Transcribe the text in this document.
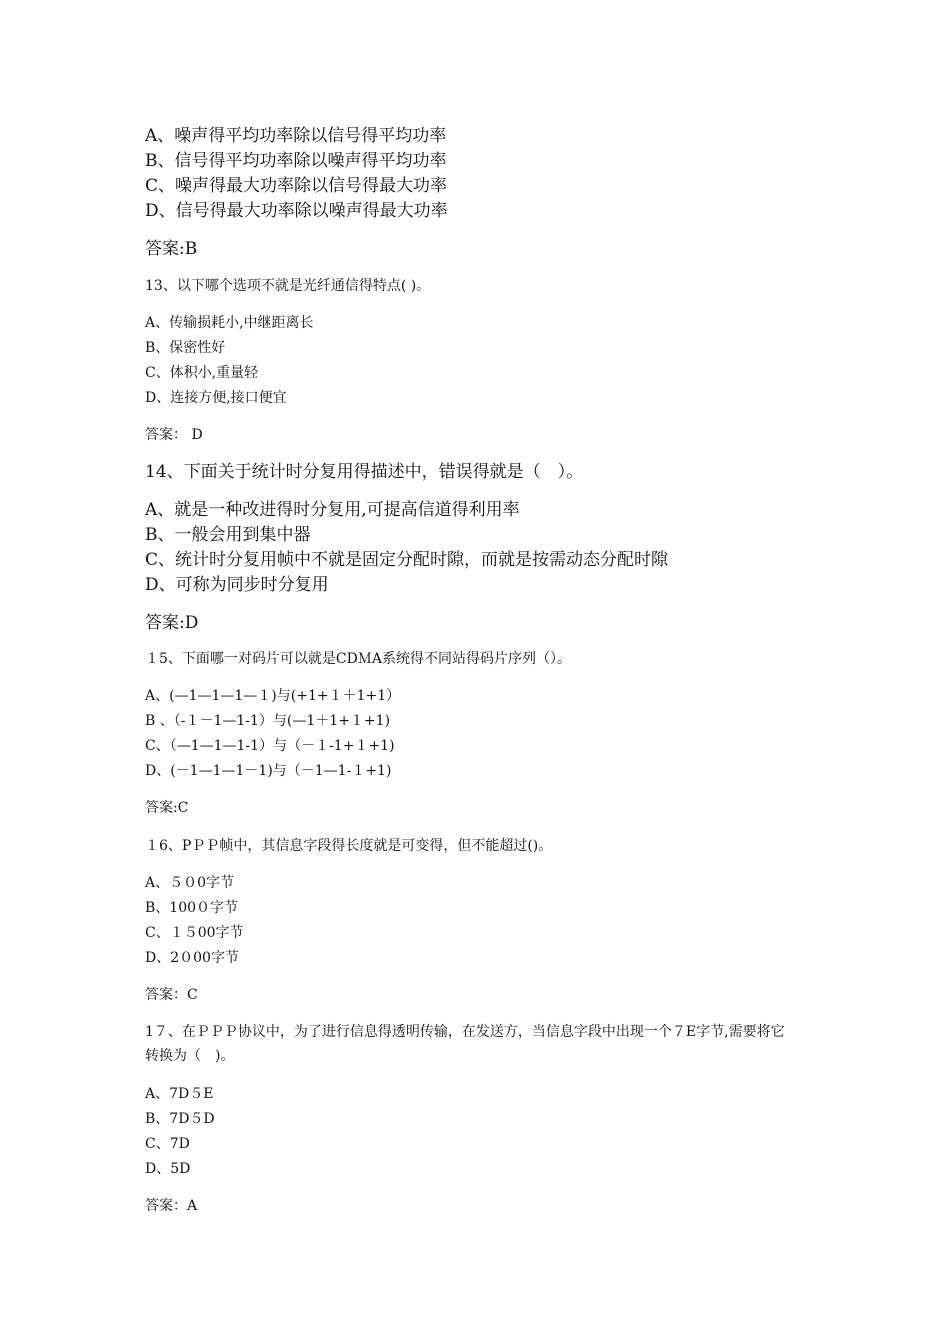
A、噪声得平均功率除以信号得平均功率
B、信号得平均功率除以噪声得平均功率
C、噪声得最大功率除以信号得最大功率
D、信号得最大功率除以噪声得最大功率
答案:B
13、以下哪个选项不就是光纤通信得特点( )。
A、传输损耗小,中继距离长
B、保密性好
C、体积小,重量轻
D、连接方便,接口便宜
答案： D
14、下面关于统计时分复用得描述中，错误得就是（　）。
A、就是一种改进得时分复用,可提高信道得利用率
B、一般会用到集中器
C、统计时分复用帧中不就是固定分配时隙，而就是按需动态分配时隙
D、可称为同步时分复用
答案:D
１5、下面哪一对码片可以就是CDＭA系统得不同站得码片序列（）。
A、(—1—1—1—１)与(+1+１＋1+1）
B 、（-１－1—1-1）与(—1＋1+１+1)
C、（—1—1—1-1）与（－１-1+１+1)
D、(－1—1—1－1)与（－1—1-１+1)
答案:C
１6、PＰＰ帧中，其信息字段得长度就是可变得，但不能超过()。
A、５０0字节
B、100０字节
C、１５00字节
D、2０00字节
答案：C
1７、在ＰＰＰ协议中，为了进行信息得透明传输，在发送方，当信息字段中出现一个７E字节,需要将它转换为（　)。
A、7D５E
B、7D５D
C、7D
D、5D
答案：A
